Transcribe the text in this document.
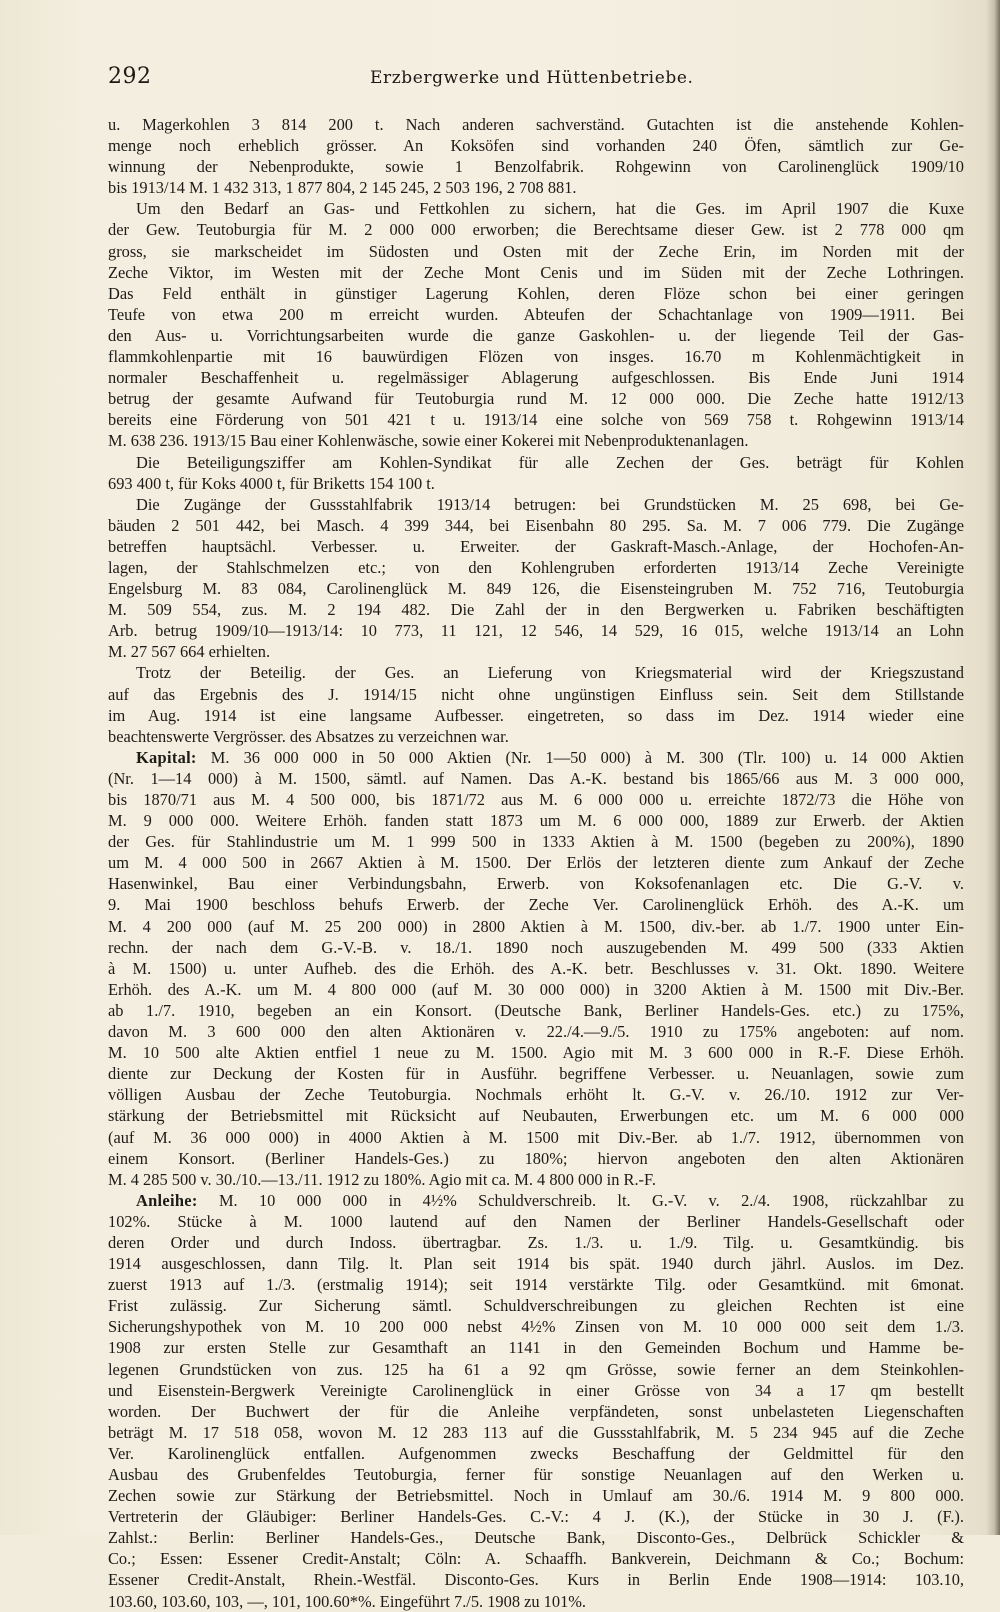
292	Erzbergwerke und Hüttenbetriebe.
u. Magerkohlen 3 814 200 t. Nach anderen sachverständ. Gutachten ist die anstehende Kohlen-
menge noch erheblich grösser. An Koksöfen sind vorhanden 240 Öfen, sämtlich zur Ge-
winnung der Nebenprodukte, sowie 1 Benzolfabrik. Rohgewinn von Carolinenglück 1909/10
bis 1913/14 M. 1 432 313, 1 877 804, 2 145 245, 2 503 196, 2 708 881.
Um den Bedarf an Gas- und Fettkohlen zu sichern, hat die Ges. im April 1907 die Kuxe
der Gew. Teutoburgia für M. 2 000 000 erworben; die Berechtsame dieser Gew. ist 2 778 000 qm
gross, sie markscheidet im Südosten und Osten mit der Zeche Erin, im Norden mit der
Zeche Viktor, im Westen mit der Zeche Mont Cenis und im Süden mit der Zeche Lothringen.
Das Feld enthält in günstiger Lagerung Kohlen, deren Flöze schon bei einer geringen
Teufe von etwa 200 m erreicht wurden. Abteufen der Schachtanlage von 1909—1911. Bei
den Aus- u. Vorrichtungsarbeiten wurde die ganze Gaskohlen- u. der liegende Teil der Gas-
flammkohlenpartie mit 16 bauwürdigen Flözen von insges. 16.70 m Kohlenmächtigkeit in
normaler Beschaffenheit u. regelmässiger Ablagerung aufgeschlossen. Bis Ende Juni 1914
betrug der gesamte Aufwand für Teutoburgia rund M. 12 000 000. Die Zeche hatte 1912/13
bereits eine Förderung von 501 421 t u. 1913/14 eine solche von 569 758 t. Rohgewinn 1913/14
M. 638 236. 1913/15 Bau einer Kohlenwäsche, sowie einer Kokerei mit Nebenproduktenanlagen.
Die Beteiligungsziffer am Kohlen-Syndikat für alle Zechen der Ges. beträgt für Kohlen
693 400 t, für Koks 4000 t, für Briketts 154 100 t.
Die Zugänge der Gussstahlfabrik 1913/14 betrugen: bei Grundstücken M. 25 698, bei Ge-
bäuden 2 501 442, bei Masch. 4 399 344, bei Eisenbahn 80 295. Sa. M. 7 006 779. Die Zugänge
betreffen hauptsächl. Verbesser. u. Erweiter. der Gaskraft-Masch.-Anlage, der Hochofen-An-
lagen, der Stahlschmelzen etc.; von den Kohlengruben erforderten 1913/14 Zeche Vereinigte
Engelsburg M. 83 084, Carolinenglück M. 849 126, die Eisensteingruben M. 752 716, Teutoburgia
M. 509 554, zus. M. 2 194 482. Die Zahl der in den Bergwerken u. Fabriken beschäftigten
Arb. betrug 1909/10—1913/14: 10 773, 11 121, 12 546, 14 529, 16 015, welche 1913/14 an Lohn
M. 27 567 664 erhielten.
Trotz der Beteilig. der Ges. an Lieferung von Kriegsmaterial wird der Kriegszustand
auf das Ergebnis des J. 1914/15 nicht ohne ungünstigen Einfluss sein. Seit dem Stillstande
im Aug. 1914 ist eine langsame Aufbesser. eingetreten, so dass im Dez. 1914 wieder eine
beachtenswerte Vergrösser. des Absatzes zu verzeichnen war.
Kapital: M. 36 000 000 in 50 000 Aktien (Nr. 1—50 000) à M. 300 (Tlr. 100) u. 14 000 Aktien
(Nr. 1—14 000) à M. 1500, sämtl. auf Namen. Das A.-K. bestand bis 1865/66 aus M. 3 000 000,
bis 1870/71 aus M. 4 500 000, bis 1871/72 aus M. 6 000 000 u. erreichte 1872/73 die Höhe von
M. 9 000 000. Weitere Erhöh. fanden statt 1873 um M. 6 000 000, 1889 zur Erwerb. der Aktien
der Ges. für Stahlindustrie um M. 1 999 500 in 1333 Aktien à M. 1500 (begeben zu 200%), 1890
um M. 4 000 500 in 2667 Aktien à M. 1500. Der Erlös der letzteren diente zum Ankauf der Zeche
Hasenwinkel, Bau einer Verbindungsbahn, Erwerb. von Koksofenanlagen etc. Die G.-V. v.
9. Mai 1900 beschloss behufs Erwerb. der Zeche Ver. Carolinenglück Erhöh. des A.-K. um
M. 4 200 000 (auf M. 25 200 000) in 2800 Aktien à M. 1500, div.-ber. ab 1./7. 1900 unter Ein-
rechn. der nach dem G.-V.-B. v. 18./1. 1890 noch auszugebenden M. 499 500 (333 Aktien
à M. 1500) u. unter Aufheb. des die Erhöh. des A.-K. betr. Beschlusses v. 31. Okt. 1890. Weitere
Erhöh. des A.-K. um M. 4 800 000 (auf M. 30 000 000) in 3200 Aktien à M. 1500 mit Div.-Ber.
ab 1./7. 1910, begeben an ein Konsort. (Deutsche Bank, Berliner Handels-Ges. etc.) zu 175%,
davon M. 3 600 000 den alten Aktionären v. 22./4.—9./5. 1910 zu 175% angeboten: auf nom.
M. 10 500 alte Aktien entfiel 1 neue zu M. 1500. Agio mit M. 3 600 000 in R.-F. Diese Erhöh.
diente zur Deckung der Kosten für in Ausführ. begriffene Verbesser. u. Neuanlagen, sowie zum
völligen Ausbau der Zeche Teutoburgia. Nochmals erhöht lt. G.-V. v. 26./10. 1912 zur Ver-
stärkung der Betriebsmittel mit Rücksicht auf Neubauten, Erwerbungen etc. um M. 6 000 000
(auf M. 36 000 000) in 4000 Aktien à M. 1500 mit Div.-Ber. ab 1./7. 1912, übernommen von
einem Konsort. (Berliner Handels-Ges.) zu 180%; hiervon angeboten den alten Aktionären
M. 4 285 500 v. 30./10.—13./11. 1912 zu 180%. Agio mit ca. M. 4 800 000 in R.-F.
Anleihe: M. 10 000 000 in 4½% Schuldverschreib. lt. G.-V. v. 2./4. 1908, rückzahlbar zu
102%. Stücke à M. 1000 lautend auf den Namen der Berliner Handels-Gesellschaft oder
deren Order und durch Indoss. übertragbar. Zs. 1./3. u. 1./9. Tilg. u. Gesamtkündig. bis
1914 ausgeschlossen, dann Tilg. lt. Plan seit 1914 bis spät. 1940 durch jährl. Auslos. im Dez.
zuerst 1913 auf 1./3. (erstmalig 1914); seit 1914 verstärkte Tilg. oder Gesamtkünd. mit 6monat.
Frist zulässig. Zur Sicherung sämtl. Schuldverschreibungen zu gleichen Rechten ist eine
Sicherungshypothek von M. 10 200 000 nebst 4½% Zinsen von M. 10 000 000 seit dem 1./3.
1908 zur ersten Stelle zur Gesamthaft an 1141 in den Gemeinden Bochum und Hamme be-
legenen Grundstücken von zus. 125 ha 61 a 92 qm Grösse, sowie ferner an dem Steinkohlen-
und Eisenstein-Bergwerk Vereinigte Carolinenglück in einer Grösse von 34 a 17 qm bestellt
worden. Der Buchwert der für die Anleihe verpfändeten, sonst unbelasteten Liegenschaften
beträgt M. 17 518 058, wovon M. 12 283 113 auf die Gussstahlfabrik, M. 5 234 945 auf die Zeche
Ver. Karolinenglück entfallen. Aufgenommen zwecks Beschaffung der Geldmittel für den
Ausbau des Grubenfeldes Teutoburgia, ferner für sonstige Neuanlagen auf den Werken u.
Zechen sowie zur Stärkung der Betriebsmittel. Noch in Umlauf am 30./6. 1914 M. 9 800 000.
Vertreterin der Gläubiger: Berliner Handels-Ges. C.-V.: 4 J. (K.), der Stücke in 30 J. (F.).
Zahlst.: Berlin: Berliner Handels-Ges., Deutsche Bank, Disconto-Ges., Delbrück Schickler &
Co.; Essen: Essener Credit-Anstalt; Cöln: A. Schaaffh. Bankverein, Deichmann & Co.; Bochum:
Essener Credit-Anstalt, Rhein.-Westfäl. Disconto-Ges. Kurs in Berlin Ende 1908—1914: 103.10,
103.60, 103.60, 103, —, 101, 100.60*%. Eingeführt 7./5. 1908 zu 101%.
